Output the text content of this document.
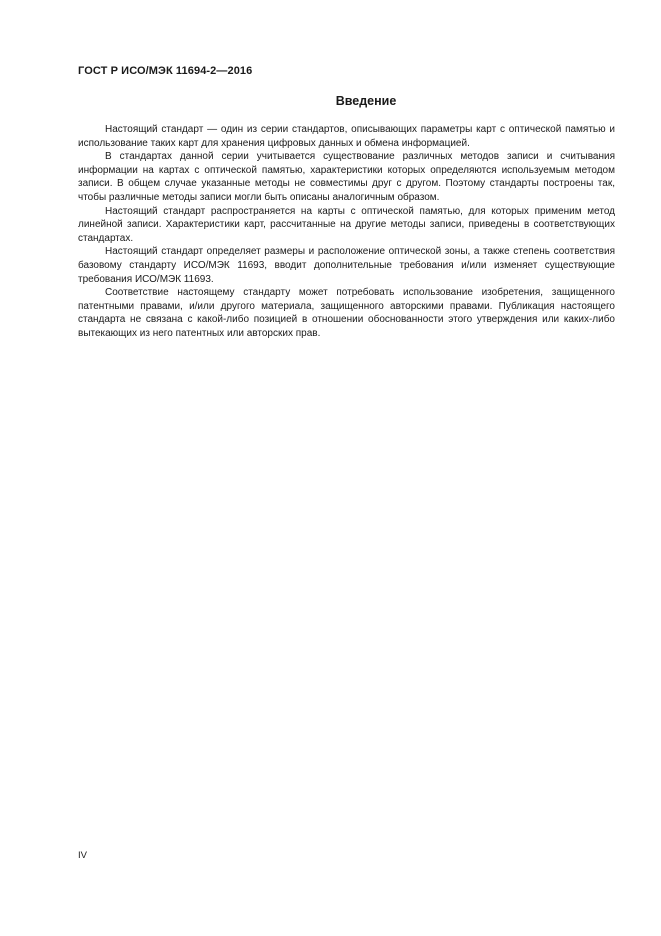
ГОСТ Р ИСО/МЭК 11694-2—2016
Введение

Настоящий стандарт — один из серии стандартов, описывающих параметры карт с оптической памятью и использование таких карт для хранения цифровых данных и обмена информацией.

В стандартах данной серии учитывается существование различных методов записи и считывания информации на картах с оптической памятью, характеристики которых определяются используемым методом записи. В общем случае указанные методы не совместимы друг с другом. Поэтому стандарты построены так, чтобы различные методы записи могли быть описаны аналогичным образом.

Настоящий стандарт распространяется на карты с оптической памятью, для которых применим метод линейной записи. Характеристики карт, рассчитанные на другие методы записи, приведены в соответствующих стандартах.

Настоящий стандарт определяет размеры и расположение оптической зоны, а также степень соответствия базовому стандарту ИСО/МЭК 11693, вводит дополнительные требования и/или изменяет существующие требования ИСО/МЭК 11693.

Соответствие настоящему стандарту может потребовать использование изобретения, защищенного патентными правами, и/или другого материала, защищенного авторскими правами. Публикация настоящего стандарта не связана с какой-либо позицией в отношении обоснованности этого утверждения или каких-либо вытекающих из него патентных или авторских прав.

IV
